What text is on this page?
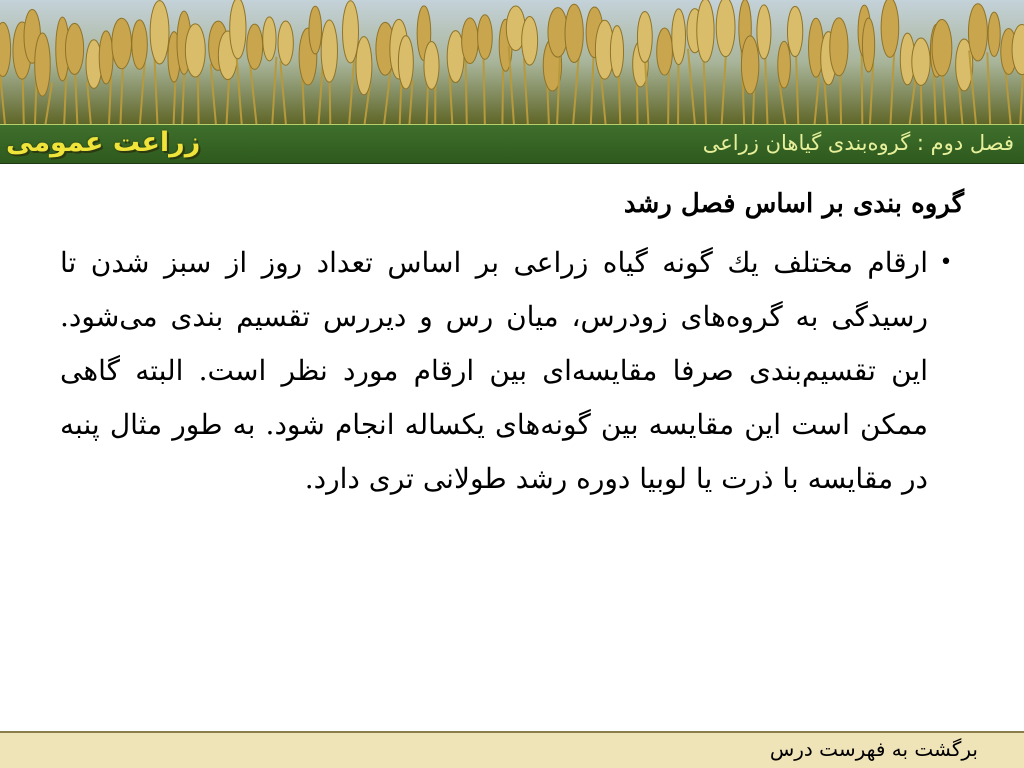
زراعت عمومی	فصل دوم : گروه‌بندی گیاهان زراعی
گروه بندی بر اساس فصل رشد
•

ارقام مختلف یك گونه گیاه زراعی بر اساس تعداد روز از سبز شدن تا رسیدگی به گروه‌های زودرس، میان رس و دیررس تقسیم بندی می‌شود. این تقسیم‌بندی صرفا مقایسه‌ای بین ارقام مورد نظر است. البته گاهی ممکن است این مقایسه بین گونه‌های یکساله انجام شود. به طور مثال پنبه در مقایسه با ذرت یا لوبیا دوره رشد طولانی تری دارد.

برگشت به فهرست درس
